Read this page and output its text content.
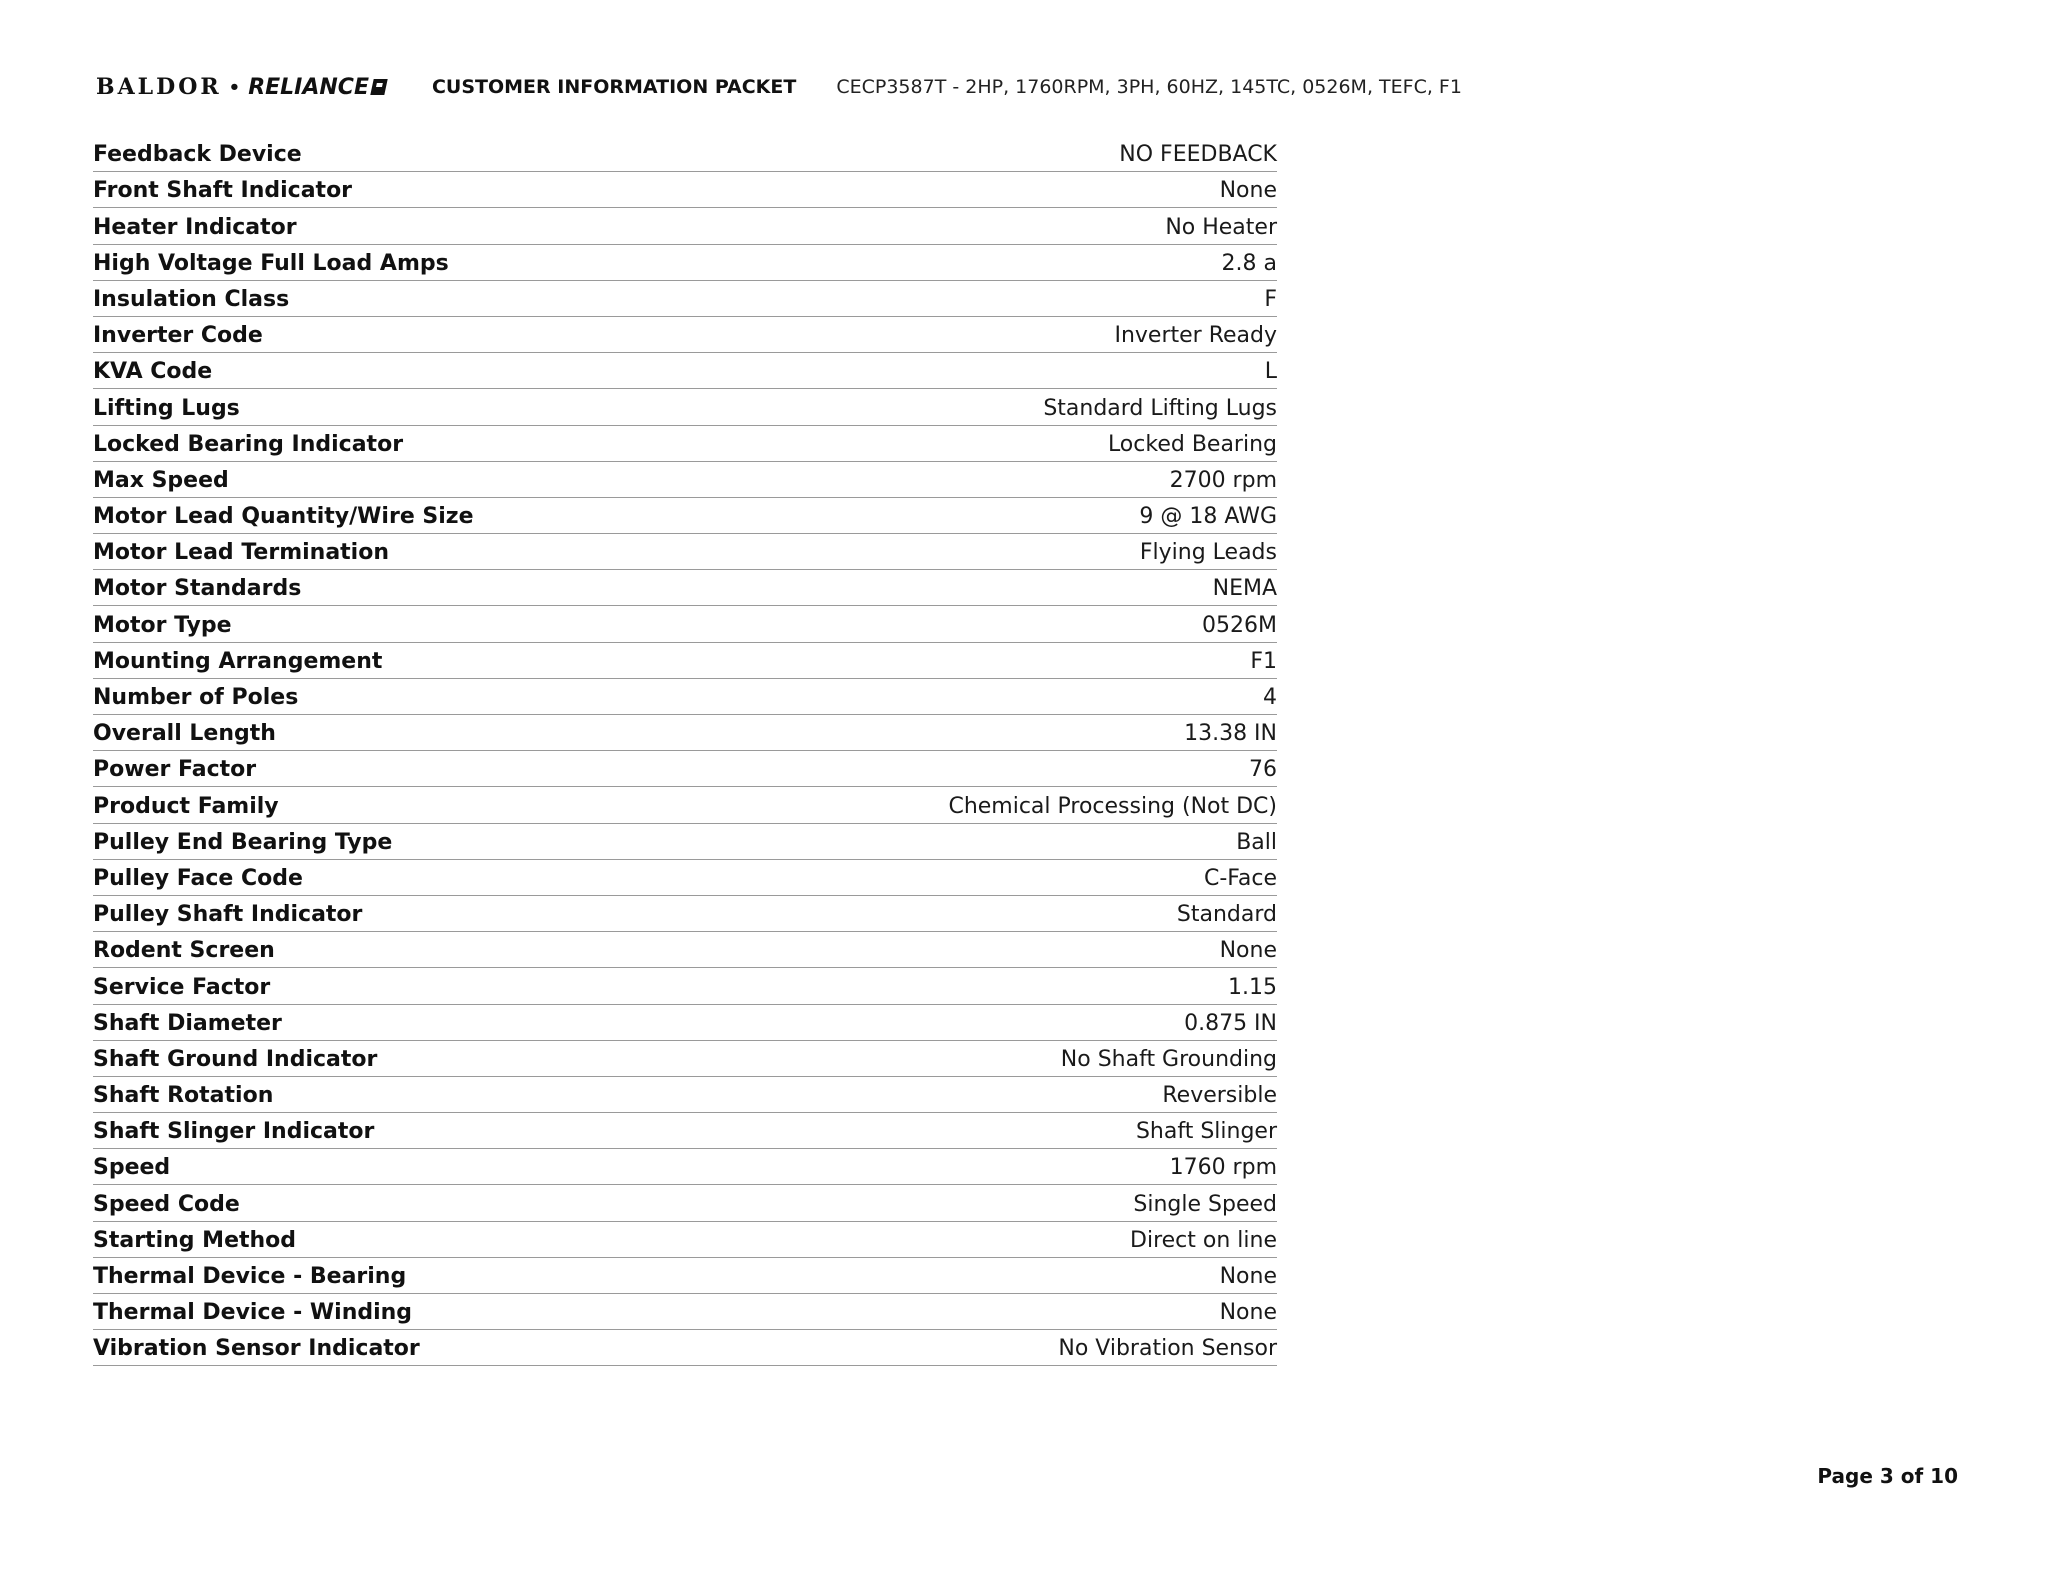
BALDOR • RELIANCE	CUSTOMER INFORMATION PACKET CECP3587T - 2HP, 1760RPM, 3PH, 60HZ, 145TC, 0526M, TEFC, F1
Feedback Device	NO FEEDBACK
Front Shaft Indicator	None
Heater Indicator	No Heater
High Voltage Full Load Amps	2.8 a
Insulation Class	F
Inverter Code	Inverter Ready
KVA Code	L
Lifting Lugs	Standard Lifting Lugs
Locked Bearing Indicator	Locked Bearing
Max Speed	2700 rpm
Motor Lead Quantity/Wire Size	9 @ 18 AWG
Motor Lead Termination	Flying Leads
Motor Standards	NEMA
Motor Type	0526M
Mounting Arrangement	F1
Number of Poles	4
Overall Length	13.38 IN
Power Factor	76
Product Family	Chemical Processing (Not DC)
Pulley End Bearing Type	Ball
Pulley Face Code	C-Face
Pulley Shaft Indicator	Standard
Rodent Screen	None
Service Factor	1.15
Shaft Diameter	0.875 IN
Shaft Ground Indicator	No Shaft Grounding
Shaft Rotation	Reversible
Shaft Slinger Indicator	Shaft Slinger
Speed	1760 rpm
Speed Code	Single Speed
Starting Method	Direct on line
Thermal Device - Bearing	None
Thermal Device - Winding	None
Vibration Sensor Indicator	No Vibration Sensor
Page 3 of 10
